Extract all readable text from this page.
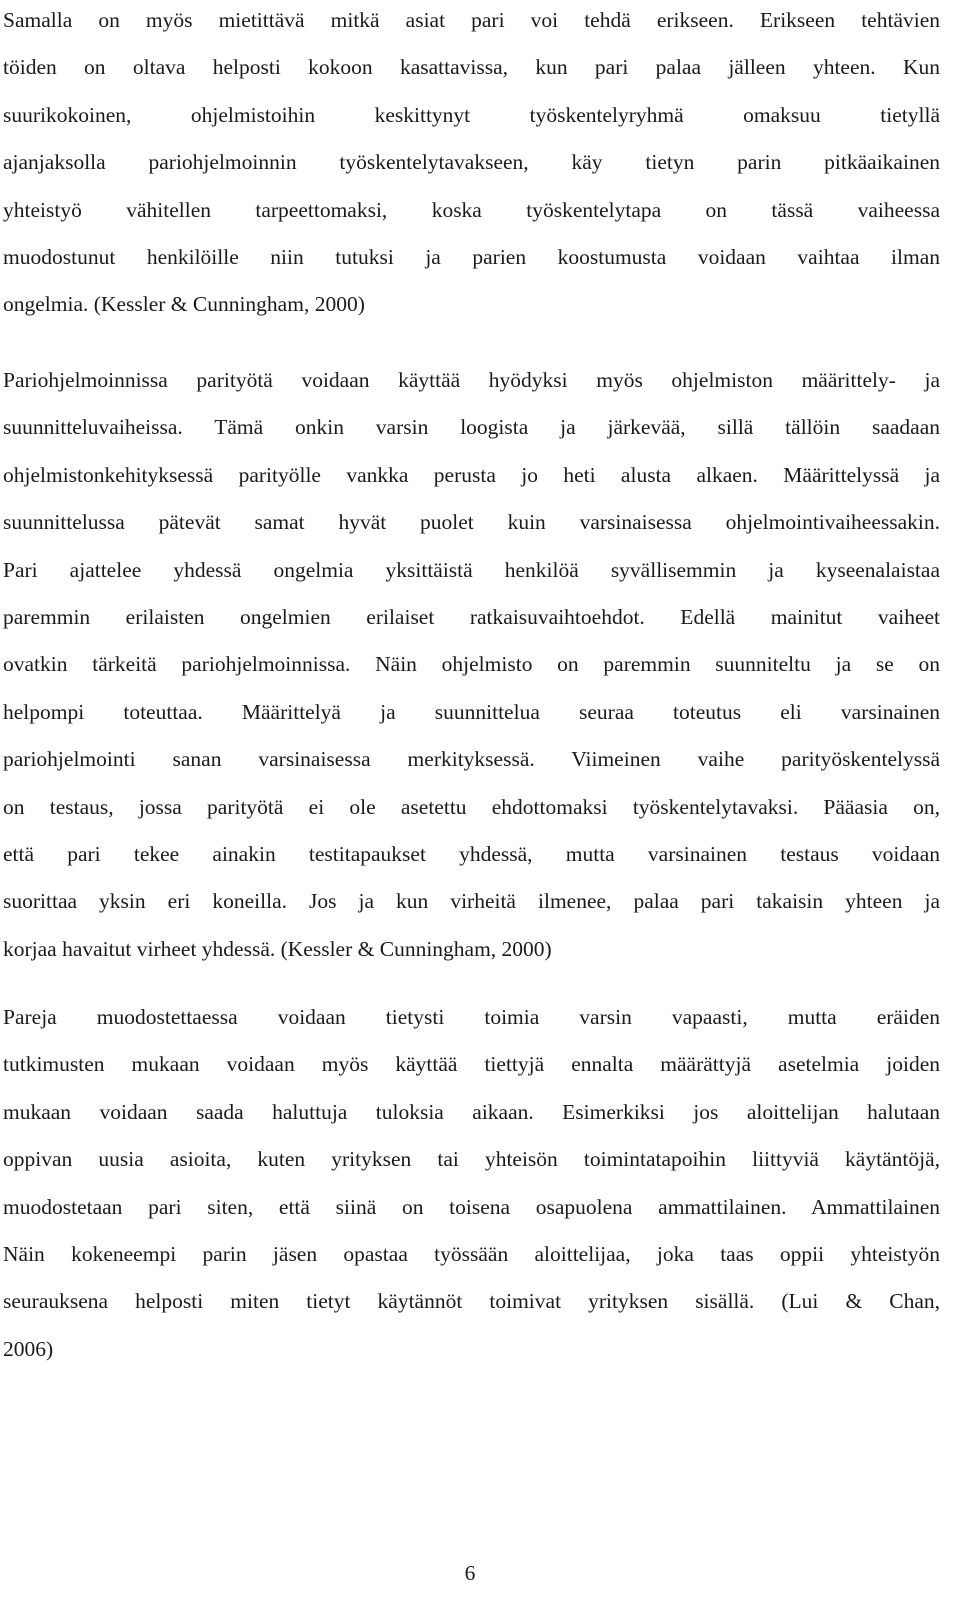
Samalla on myös mietittävä mitkä asiat pari voi tehdä erikseen. Erikseen tehtävien
töiden on oltava helposti kokoon kasattavissa, kun pari palaa jälleen yhteen. Kun
suurikokoinen, ohjelmistoihin keskittynyt työskentelyryhmä omaksuu tietyllä
ajanjaksolla pariohjelmoinnin työskentelytavakseen, käy tietyn parin pitkäaikainen
yhteistyö vähitellen tarpeettomaksi, koska työskentelytapa on tässä vaiheessa
muodostunut henkilöille niin tutuksi ja parien koostumusta voidaan vaihtaa ilman
ongelmia. (Kessler & Cunningham, 2000)
Pariohjelmoinnissa parityötä voidaan käyttää hyödyksi myös ohjelmiston määrittely- ja
suunnitteluvaiheissa. Tämä onkin varsin loogista ja järkevää, sillä tällöin saadaan
ohjelmistonkehityksessä parityölle vankka perusta jo heti alusta alkaen. Määrittelyssä ja
suunnittelussa pätevät samat hyvät puolet kuin varsinaisessa ohjelmointivaiheessakin.
Pari ajattelee yhdessä ongelmia yksittäistä henkilöä syvällisemmin ja kyseenalaistaa
paremmin erilaisten ongelmien erilaiset ratkaisuvaihtoehdot. Edellä mainitut vaiheet
ovatkin tärkeitä pariohjelmoinnissa. Näin ohjelmisto on paremmin suunniteltu ja se on
helpompi toteuttaa. Määrittelyä ja suunnittelua seuraa toteutus eli varsinainen
pariohjelmointi sanan varsinaisessa merkityksessä. Viimeinen vaihe parityöskentelyssä
on testaus, jossa parityötä ei ole asetettu ehdottomaksi työskentelytavaksi. Pääasia on,
että pari tekee ainakin testitapaukset yhdessä, mutta varsinainen testaus voidaan
suorittaa yksin eri koneilla. Jos ja kun virheitä ilmenee, palaa pari takaisin yhteen ja
korjaa havaitut virheet yhdessä. (Kessler & Cunningham, 2000)
Pareja muodostettaessa voidaan tietysti toimia varsin vapaasti, mutta eräiden
tutkimusten mukaan voidaan myös käyttää tiettyjä ennalta määrättyjä asetelmia joiden
mukaan voidaan saada haluttuja tuloksia aikaan. Esimerkiksi jos aloittelijan halutaan
oppivan uusia asioita, kuten yrityksen tai yhteisön toimintatapoihin liittyviä käytäntöjä,
muodostetaan pari siten, että siinä on toisena osapuolena ammattilainen. Ammattilainen
Näin kokeneempi parin jäsen opastaa työssään aloittelijaa, joka taas oppii yhteistyön
seurauksena helposti miten tietyt käytännöt toimivat yrityksen sisällä. (Lui & Chan,
2006)
6
